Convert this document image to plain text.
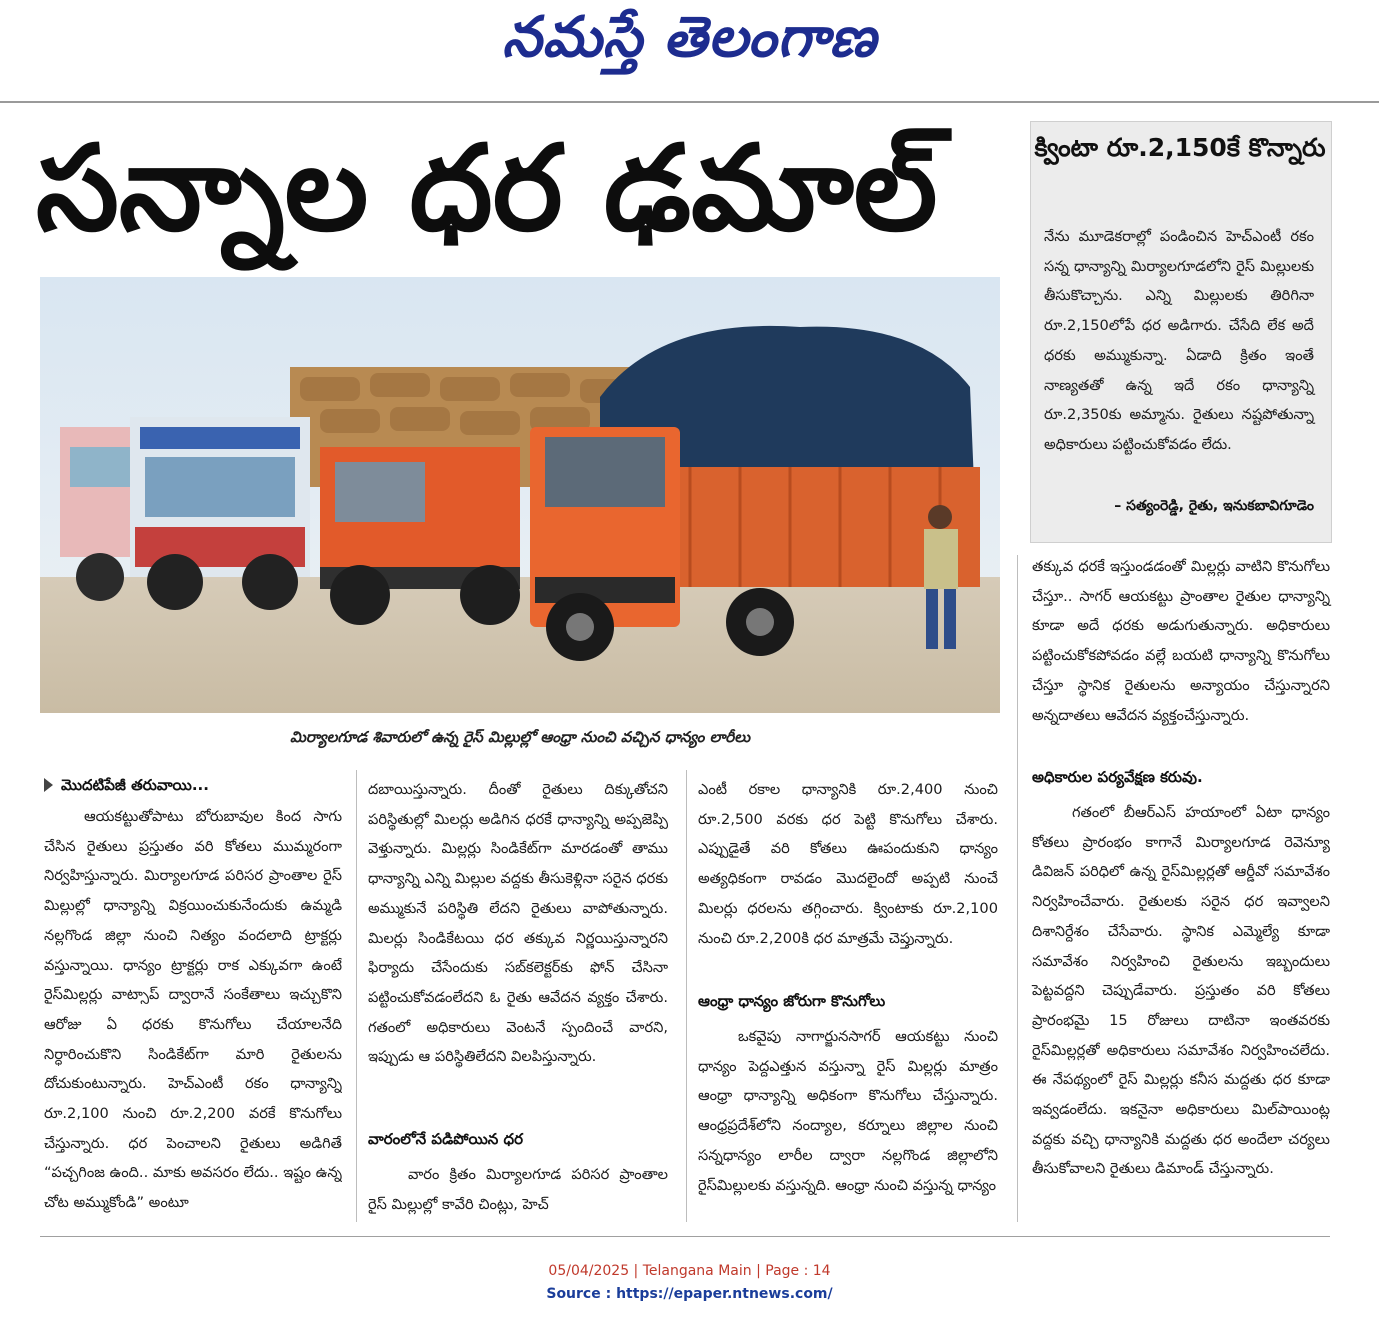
నమస్తే తెలంగాణ
సన్నాల ధర ఢమాల్
మిర్యాలగూడ శివారులో ఉన్న రైస్ మిల్లుల్లో ఆంధ్రా నుంచి వచ్చిన ధాన్యం లారీలు
క్వింటా రూ.2,150కే కొన్నారు
నేను మూడెకరాల్లో పండించిన హెచ్ఎంటీ రకం సన్న ధాన్యాన్ని మిర్యాలగూడలోని రైస్ మిల్లులకు తీసుకొచ్చాను. ఎన్ని మిల్లులకు తిరిగినా రూ.2,150లోపే ధర అడిగారు. చేసేది లేక అదే ధరకు అమ్ముకున్నా. ఏడాది క్రితం ఇంతే నాణ్యతతో ఉన్న ఇదే రకం ధాన్యాన్ని రూ.2,350కు అమ్మాను. రైతులు నష్టపోతున్నా అధికారులు పట్టించుకోవడం లేదు.
– సత్యంరెడ్డి, రైతు, ఇనుకబావిగూడెం
మొదటిపేజీ తరువాయి...

ఆయకట్టుతోపాటు బోరుబావుల కింద సాగు చేసిన రైతులు ప్రస్తుతం వరి కోతలు ముమ్మరంగా నిర్వహిస్తున్నారు. మిర్యాలగూడ పరిసర ప్రాంతాల రైస్ మిల్లుల్లో ధాన్యాన్ని విక్రయించుకునేందుకు ఉమ్మడి నల్లగొండ జిల్లా నుంచి నిత్యం వందలాది ట్రాక్టర్లు వస్తున్నాయి. ధాన్యం ట్రాక్టర్లు రాక ఎక్కువగా ఉంటే రైస్‌మిల్లర్లు వాట్సాప్ ద్వారానే సంకేతాలు ఇచ్చుకొని ఆరోజు ఏ ధరకు కొనుగోలు చేయాలనేది నిర్ధారించుకొని సిండికేట్‌గా మారి రైతులను దోచుకుంటున్నారు. హెచ్ఎంటీ రకం ధాన్యాన్ని రూ.2,100 నుంచి రూ.2,200 వరకే కొనుగోలు చేస్తున్నారు. ధర పెంచాలని రైతులు అడిగితే “పచ్చగింజ ఉంది.. మాకు అవసరం లేదు.. ఇష్టం ఉన్న చోట అమ్ముకోండి” అంటూ

దబాయిస్తున్నారు. దీంతో రైతులు దిక్కుతోచని పరిస్థితుల్లో మిలర్లు అడిగిన ధరకే ధాన్యాన్ని అప్పజెప్పి వెళ్తున్నారు. మిల్లర్లు సిండికేట్‌గా మారడంతో తాము ధాన్యాన్ని ఎన్ని మిల్లుల వద్దకు తీసుకెళ్లినా సరైన ధరకు అమ్ముకునే పరిస్థితి లేదని రైతులు వాపోతున్నారు. మిలర్లు సిండికేటయి ధర తక్కువ నిర్ణయిస్తున్నారని ఫిర్యాదు చేసేందుకు సబ్‌కలెక్టర్‌కు ఫోన్ చేసినా పట్టించుకోవడంలేదని ఓ రైతు ఆవేదన వ్యక్తం చేశారు. గతంలో అధికారులు వెంటనే స్పందించే వారని, ఇప్పుడు ఆ పరిస్థితిలేదని విలపిస్తున్నారు.

వారంలోనే పడిపోయిన ధర

వారం క్రితం మిర్యాలగూడ పరిసర ప్రాంతాల రైస్ మిల్లుల్లో కావేరి చింట్లు, హెచ్

ఎంటీ రకాల ధాన్యానికి రూ.2,400 నుంచి రూ.2,500 వరకు ధర పెట్టి కొనుగోలు చేశారు. ఎప్పుడైతే వరి కోతలు ఊపందుకుని ధాన్యం అత్యధికంగా రావడం మొదలైందో అప్పటి నుంచే మిలర్లు ధరలను తగ్గించారు. క్వింటాకు రూ.2,100 నుంచి రూ.2,200కి ధర మాత్రమే చెప్తున్నారు.

ఆంధ్రా ధాన్యం జోరుగా కొనుగోలు

ఒకవైపు నాగార్జునసాగర్ ఆయకట్టు నుంచి ధాన్యం పెద్దఎత్తున వస్తున్నా రైస్ మిల్లర్లు మాత్రం ఆంధ్రా ధాన్యాన్ని అధికంగా కొనుగోలు చేస్తున్నారు. ఆంధ్రప్రదేశ్‌లోని నంద్యాల, కర్నూలు జిల్లాల నుంచి సన్నధాన్యం లారీల ద్వారా నల్లగొండ జిల్లాలోని రైస్‌మిల్లులకు వస్తున్నది. ఆంధ్రా నుంచి వస్తున్న ధాన్యం

తక్కువ ధరకే ఇస్తుండడంతో మిల్లర్లు వాటిని కొనుగోలు చేస్తూ.. సాగర్ ఆయకట్టు ప్రాంతాల రైతుల ధాన్యాన్ని కూడా అదే ధరకు అడుగుతున్నారు. అధికారులు పట్టించుకోకపోవడం వల్లే బయటి ధాన్యాన్ని కొనుగోలు చేస్తూ స్థానిక రైతులను అన్యాయం చేస్తున్నారని అన్నదాతలు ఆవేదన వ్యక్తంచేస్తున్నారు.

అధికారుల పర్యవేక్షణ కరువు.

గతంలో బీఆర్ఎస్ హయాంలో ఏటా ధాన్యం కోతలు ప్రారంభం కాగానే మిర్యాలగూడ రెవెన్యూ డివిజన్ పరిధిలో ఉన్న రైస్‌మిల్లర్లతో ఆర్డీవో సమావేశం నిర్వహించేవారు. రైతులకు సరైన ధర ఇవ్వాలని దిశానిర్దేశం చేసేవారు. స్థానిక ఎమ్మెల్యే కూడా సమావేశం నిర్వహించి రైతులను ఇబ్బందులు పెట్టవద్దని చెప్పుడేవారు. ప్రస్తుతం వరి కోతలు ప్రారంభమై 15 రోజులు దాటినా ఇంతవరకు రైస్‌మిల్లర్లతో అధికారులు సమావేశం నిర్వహించలేదు. ఈ నేపథ్యంలో రైస్ మిల్లర్లు కనీస మద్దతు ధర కూడా ఇవ్వడంలేదు. ఇకనైనా అధికారులు మిల్‌పాయింట్ల వద్దకు వచ్చి ధాన్యానికి మద్దతు ధర అందేలా చర్యలు తీసుకోవాలని రైతులు డిమాండ్ చేస్తున్నారు.

05/04/2025 | Telangana Main | Page : 14
Source : https://epaper.ntnews.com/
